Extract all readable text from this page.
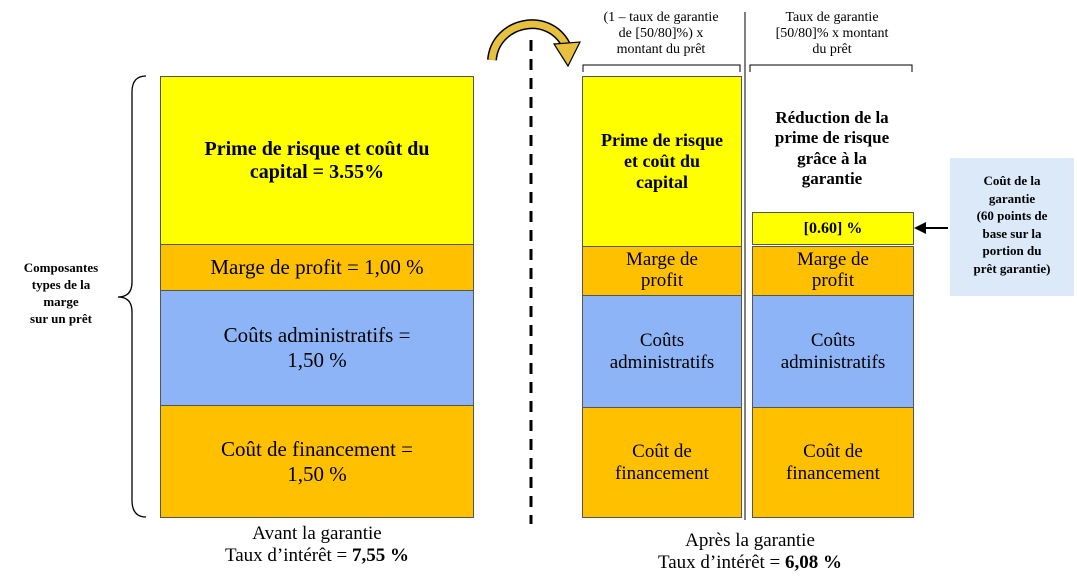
Composantes
types de la
marge
sur un prêt
Prime de risque et coût du
capital = 3.55%
Marge de profit = 1,00 %
Coûts administratifs =
1,50 %
Coût de financement =
1,50 %
Avant la garantie
Taux d’intérêt = 7,55 %
(1 – taux de garantie
de [50/80]%) x
montant du prêt
Taux de garantie
[50/80]% x montant
du prêt
Prime de risque
et coût du
capital
Marge de
profit
Coûts
administratifs
Coût de
financement
Réduction de la
prime de risque
grâce à la
garantie
[0.60] %
Marge de
profit
Coûts
administratifs
Coût de
financement
Après la garantie
Taux d’intérêt = 6,08 %
Coût de la
garantie
(60 points de
base sur la
portion du
prêt garantie)
